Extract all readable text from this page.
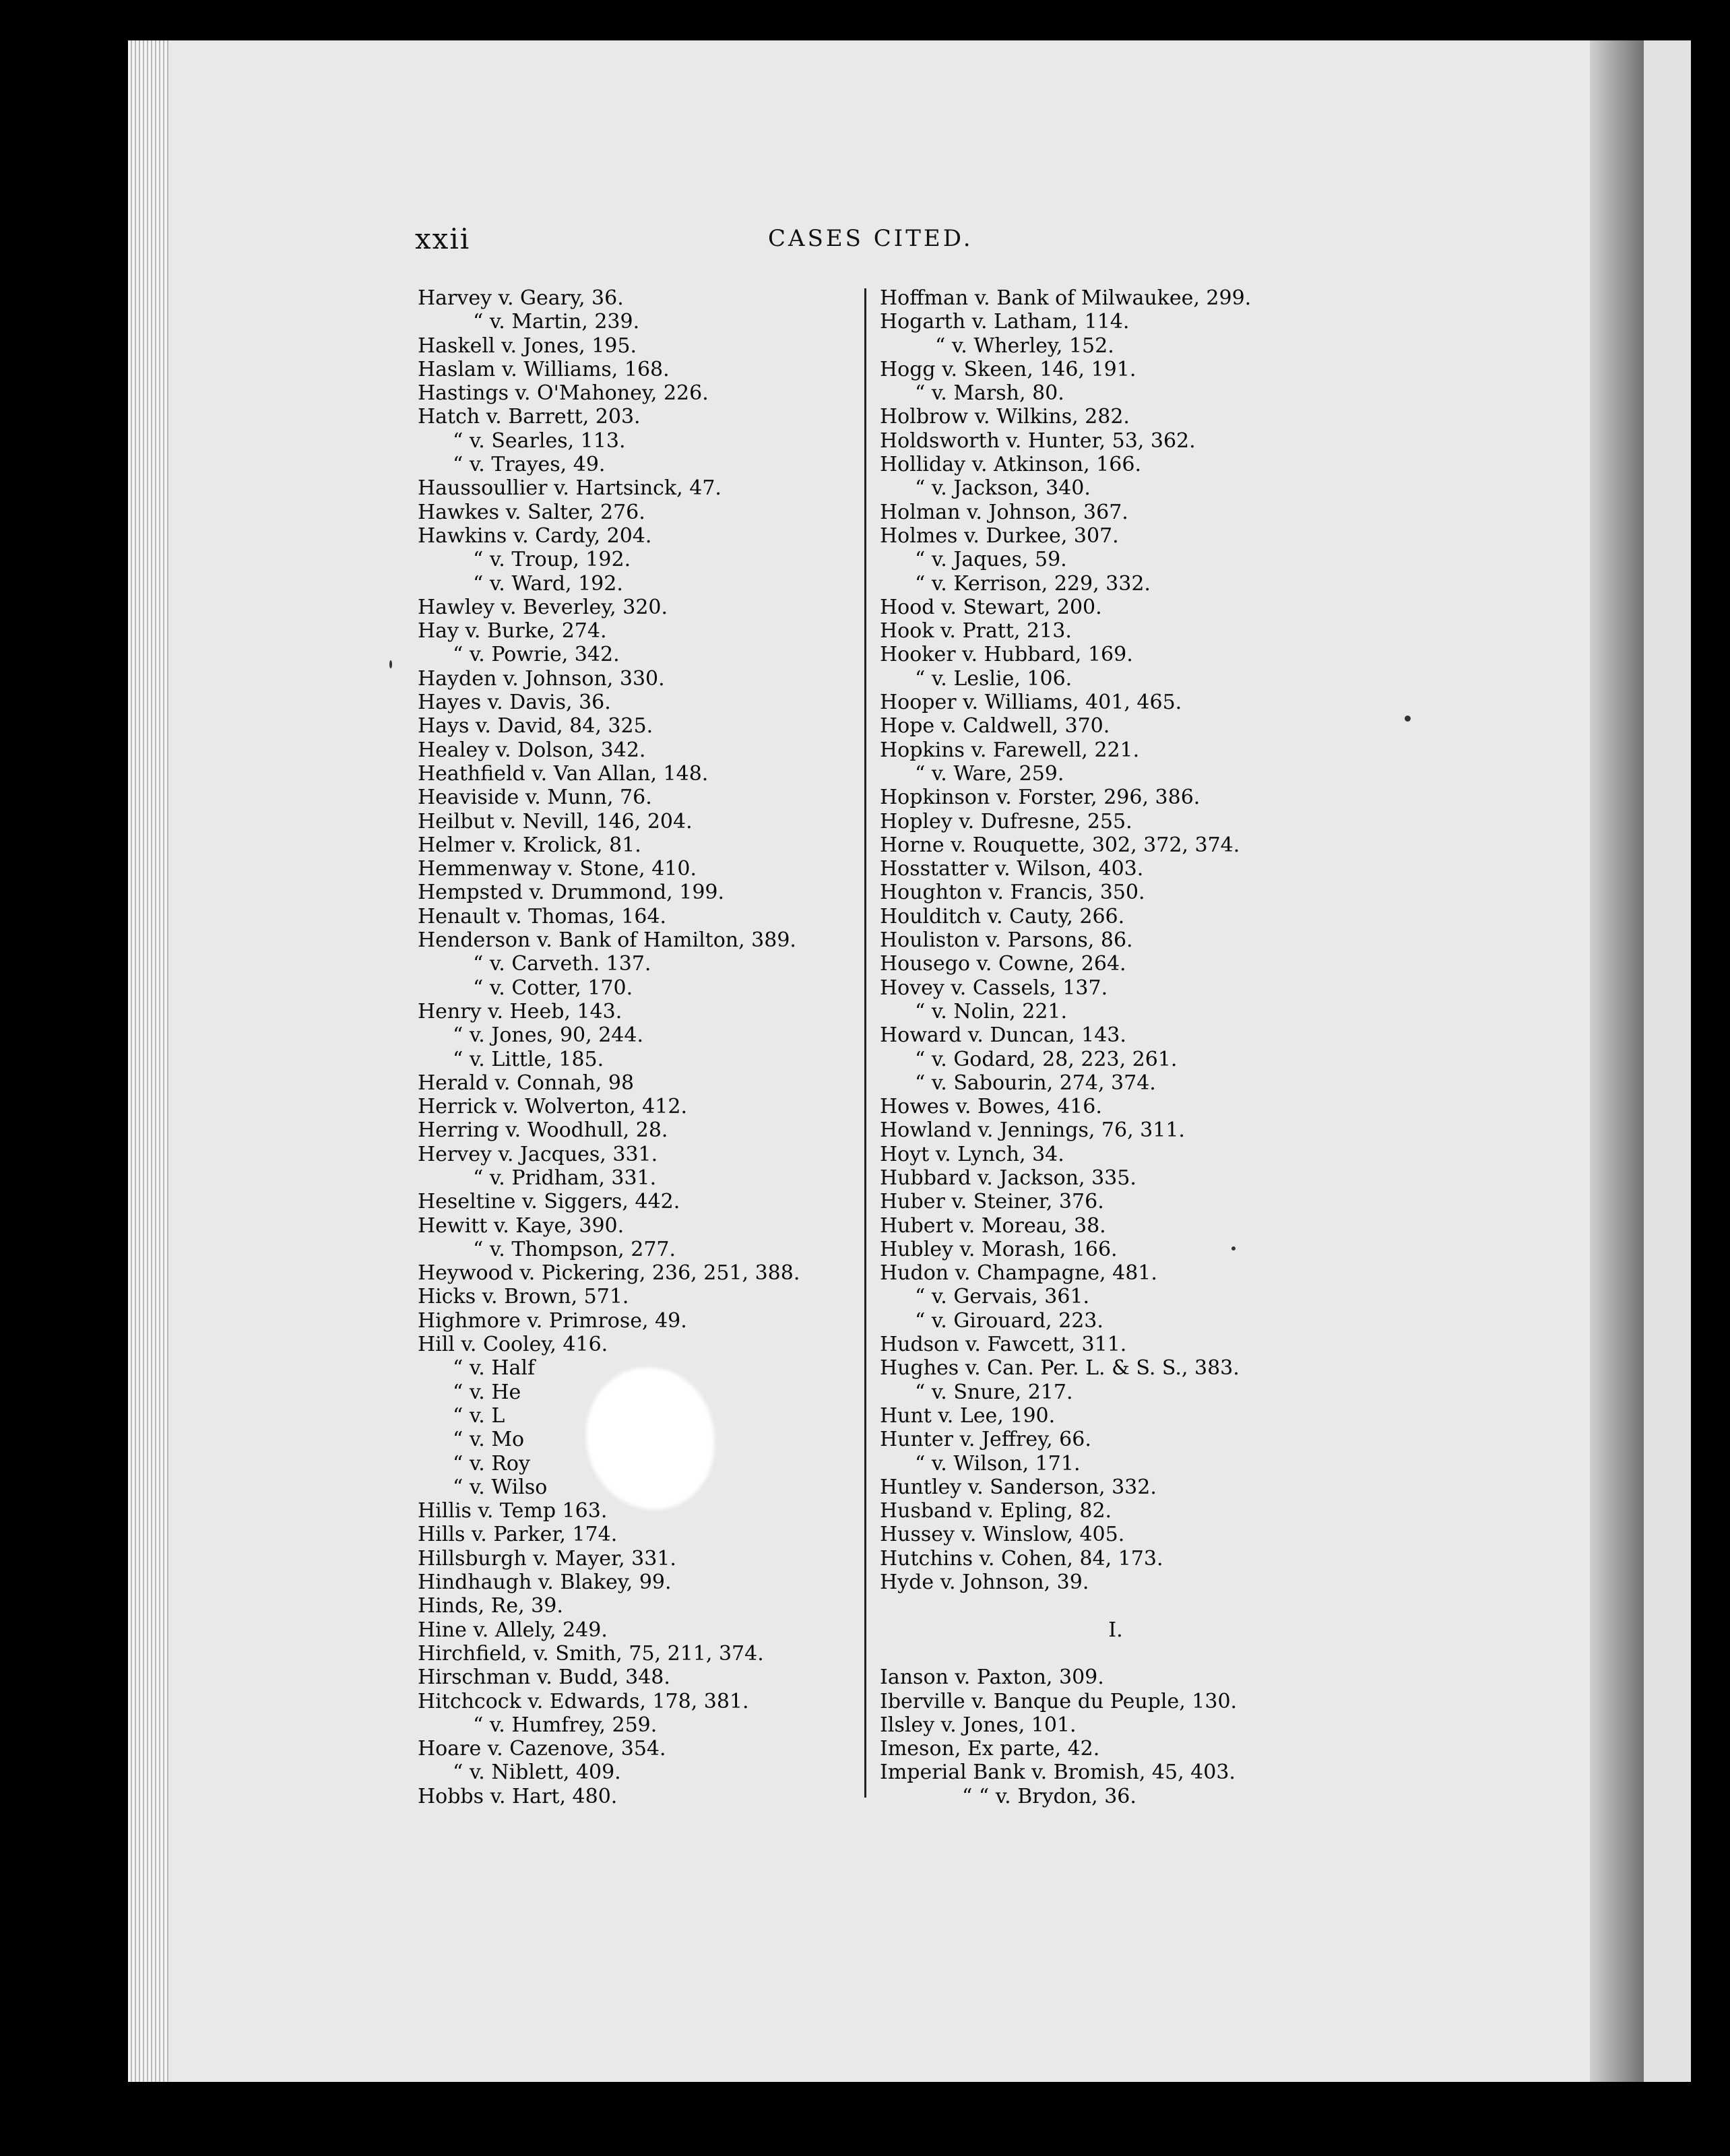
xxii	CASES CITED.
Harvey v. Geary, 36.
“ v. Martin, 239.
Haskell v. Jones, 195.
Haslam v. Williams, 168.
Hastings v. O'Mahoney, 226.
Hatch v. Barrett, 203.
“ v. Searles, 113.
“ v. Trayes, 49.
Haussoullier v. Hartsinck, 47.
Hawkes v. Salter, 276.
Hawkins v. Cardy, 204.
“ v. Troup, 192.
“ v. Ward, 192.
Hawley v. Beverley, 320.
Hay v. Burke, 274.
“ v. Powrie, 342.
Hayden v. Johnson, 330.
Hayes v. Davis, 36.
Hays v. David, 84, 325.
Healey v. Dolson, 342.
Heathfield v. Van Allan, 148.
Heaviside v. Munn, 76.
Heilbut v. Nevill, 146, 204.
Helmer v. Krolick, 81.
Hemmenway v. Stone, 410.
Hempsted v. Drummond, 199.
Henault v. Thomas, 164.
Henderson v. Bank of Hamilton, 389.
“ v. Carveth. 137.
“ v. Cotter, 170.
Henry v. Heeb, 143.
“ v. Jones, 90, 244.
“ v. Little, 185.
Herald v. Connah, 98
Herrick v. Wolverton, 412.
Herring v. Woodhull, 28.
Hervey v. Jacques, 331.
“ v. Pridham, 331.
Heseltine v. Siggers, 442.
Hewitt v. Kaye, 390.
“ v. Thompson, 277.
Heywood v. Pickering, 236, 251, 388.
Hicks v. Brown, 571.
Highmore v. Primrose, 49.
Hill v. Cooley, 416.
“ v. Half
“ v. He
“ v. L
“ v. Mo
“ v. Roy
“ v. Wilso
Hillis v. Temp 163.
Hills v. Parker, 174.
Hillsburgh v. Mayer, 331.
Hindhaugh v. Blakey, 99.
Hinds, Re, 39.
Hine v. Allely, 249.
Hirchfield, v. Smith, 75, 211, 374.
Hirschman v. Budd, 348.
Hitchcock v. Edwards, 178, 381.
“ v. Humfrey, 259.
Hoare v. Cazenove, 354.
“ v. Niblett, 409.
Hobbs v. Hart, 480.
Hoffman v. Bank of Milwaukee, 299.
Hogarth v. Latham, 114.
“ v. Wherley, 152.
Hogg v. Skeen, 146, 191.
“ v. Marsh, 80.
Holbrow v. Wilkins, 282.
Holdsworth v. Hunter, 53, 362.
Holliday v. Atkinson, 166.
“ v. Jackson, 340.
Holman v. Johnson, 367.
Holmes v. Durkee, 307.
“ v. Jaques, 59.
“ v. Kerrison, 229, 332.
Hood v. Stewart, 200.
Hook v. Pratt, 213.
Hooker v. Hubbard, 169.
“ v. Leslie, 106.
Hooper v. Williams, 401, 465.
Hope v. Caldwell, 370.
Hopkins v. Farewell, 221.
“ v. Ware, 259.
Hopkinson v. Forster, 296, 386.
Hopley v. Dufresne, 255.
Horne v. Rouquette, 302, 372, 374.
Hosstatter v. Wilson, 403.
Houghton v. Francis, 350.
Houlditch v. Cauty, 266.
Houliston v. Parsons, 86.
Housego v. Cowne, 264.
Hovey v. Cassels, 137.
“ v. Nolin, 221.
Howard v. Duncan, 143.
“ v. Godard, 28, 223, 261.
“ v. Sabourin, 274, 374.
Howes v. Bowes, 416.
Howland v. Jennings, 76, 311.
Hoyt v. Lynch, 34.
Hubbard v. Jackson, 335.
Huber v. Steiner, 376.
Hubert v. Moreau, 38.
Hubley v. Morash, 166.
Hudon v. Champagne, 481.
“ v. Gervais, 361.
“ v. Girouard, 223.
Hudson v. Fawcett, 311.
Hughes v. Can. Per. L. & S. S., 383.
“ v. Snure, 217.
Hunt v. Lee, 190.
Hunter v. Jeffrey, 66.
“ v. Wilson, 171.
Huntley v. Sanderson, 332.
Husband v. Epling, 82.
Hussey v. Winslow, 405.
Hutchins v. Cohen, 84, 173.
Hyde v. Johnson, 39.
I.
Ianson v. Paxton, 309.
Iberville v. Banque du Peuple, 130.
Ilsley v. Jones, 101.
Imeson, Ex parte, 42.
Imperial Bank v. Bromish, 45, 403.
“ “ v. Brydon, 36.
